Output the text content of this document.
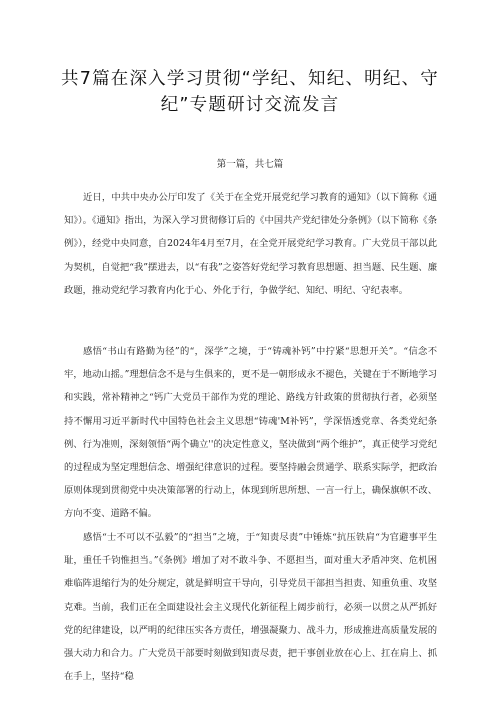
共7篇在深入学习贯彻“学纪、知纪、明纪、守
纪”专题研讨交流发言
第一篇，共七篇

近日，中共中央办公厅印发了《关于在全党开展党纪学习教育的通知》（以下简称《通知》）。《通知》指出，为深入学习贯彻修订后的《中国共产党纪律处分条例》（以下简称《条例》），经党中央同意，自2024年4月至7月，在全党开展党纪学习教育。广大党员干部以此为契机，自觉把“我”摆进去，以“有我”之姿答好党纪学习教育思想题、担当题、民生题、廉政题，推动党纪学习教育内化于心、外化于行，争做学纪、知纪、明纪、守纪表率。

感悟“书山有路勤为径”的“，深学”之境，于“铸魂补钙”中拧紧“思想开关”。“信念不牢，地动山摇。”理想信念不是与生俱来的，更不是一朝形成永不褪色，关键在于不断地学习和实践，常补精神之“钙广大党员干部作为党的理论、路线方针政策的贯彻执行者，必须坚持不懈用习近平新时代中国特色社会主义思想“铸魂'M补钙”，学深悟透党章、各类党纪条例、行为准则，深刻领悟“两个确立''的决定性意义，坚决做到“两个维护”，真正使学习党纪的过程成为坚定理想信念、增强纪律意识的过程。要坚持融会贯通学、联系实际学，把政治原则体现到贯彻党中央决策部署的行动上，体现到所思所想、一言一行上，确保旗帜不改、方向不变、道路不偏。

感悟“士不可以不弘毅”的“担当”之境，于“知责尽责”中锤炼“抗压铁肩“为官避事平生耻，重任千钧惟担当。”《条例》增加了对不敢斗争、不愿担当，面对重大矛盾冲突、危机困难临阵退缩行为的处分规定，就是鲜明宣干导向，引导党员干部担当担责、知重负重、攻坚克难。当前，我们正在全面建设社会主义现代化新征程上阔步前行，必须一以贯之从严抓好党的纪律建设，以严明的纪律压实各方责任，增强凝聚力、战斗力，形成推进高质量发展的强大动力和合力。广大党员干部要时刻做到知责尽责，把干事创业放在心上、扛在肩上、抓在手上，坚持“稳
